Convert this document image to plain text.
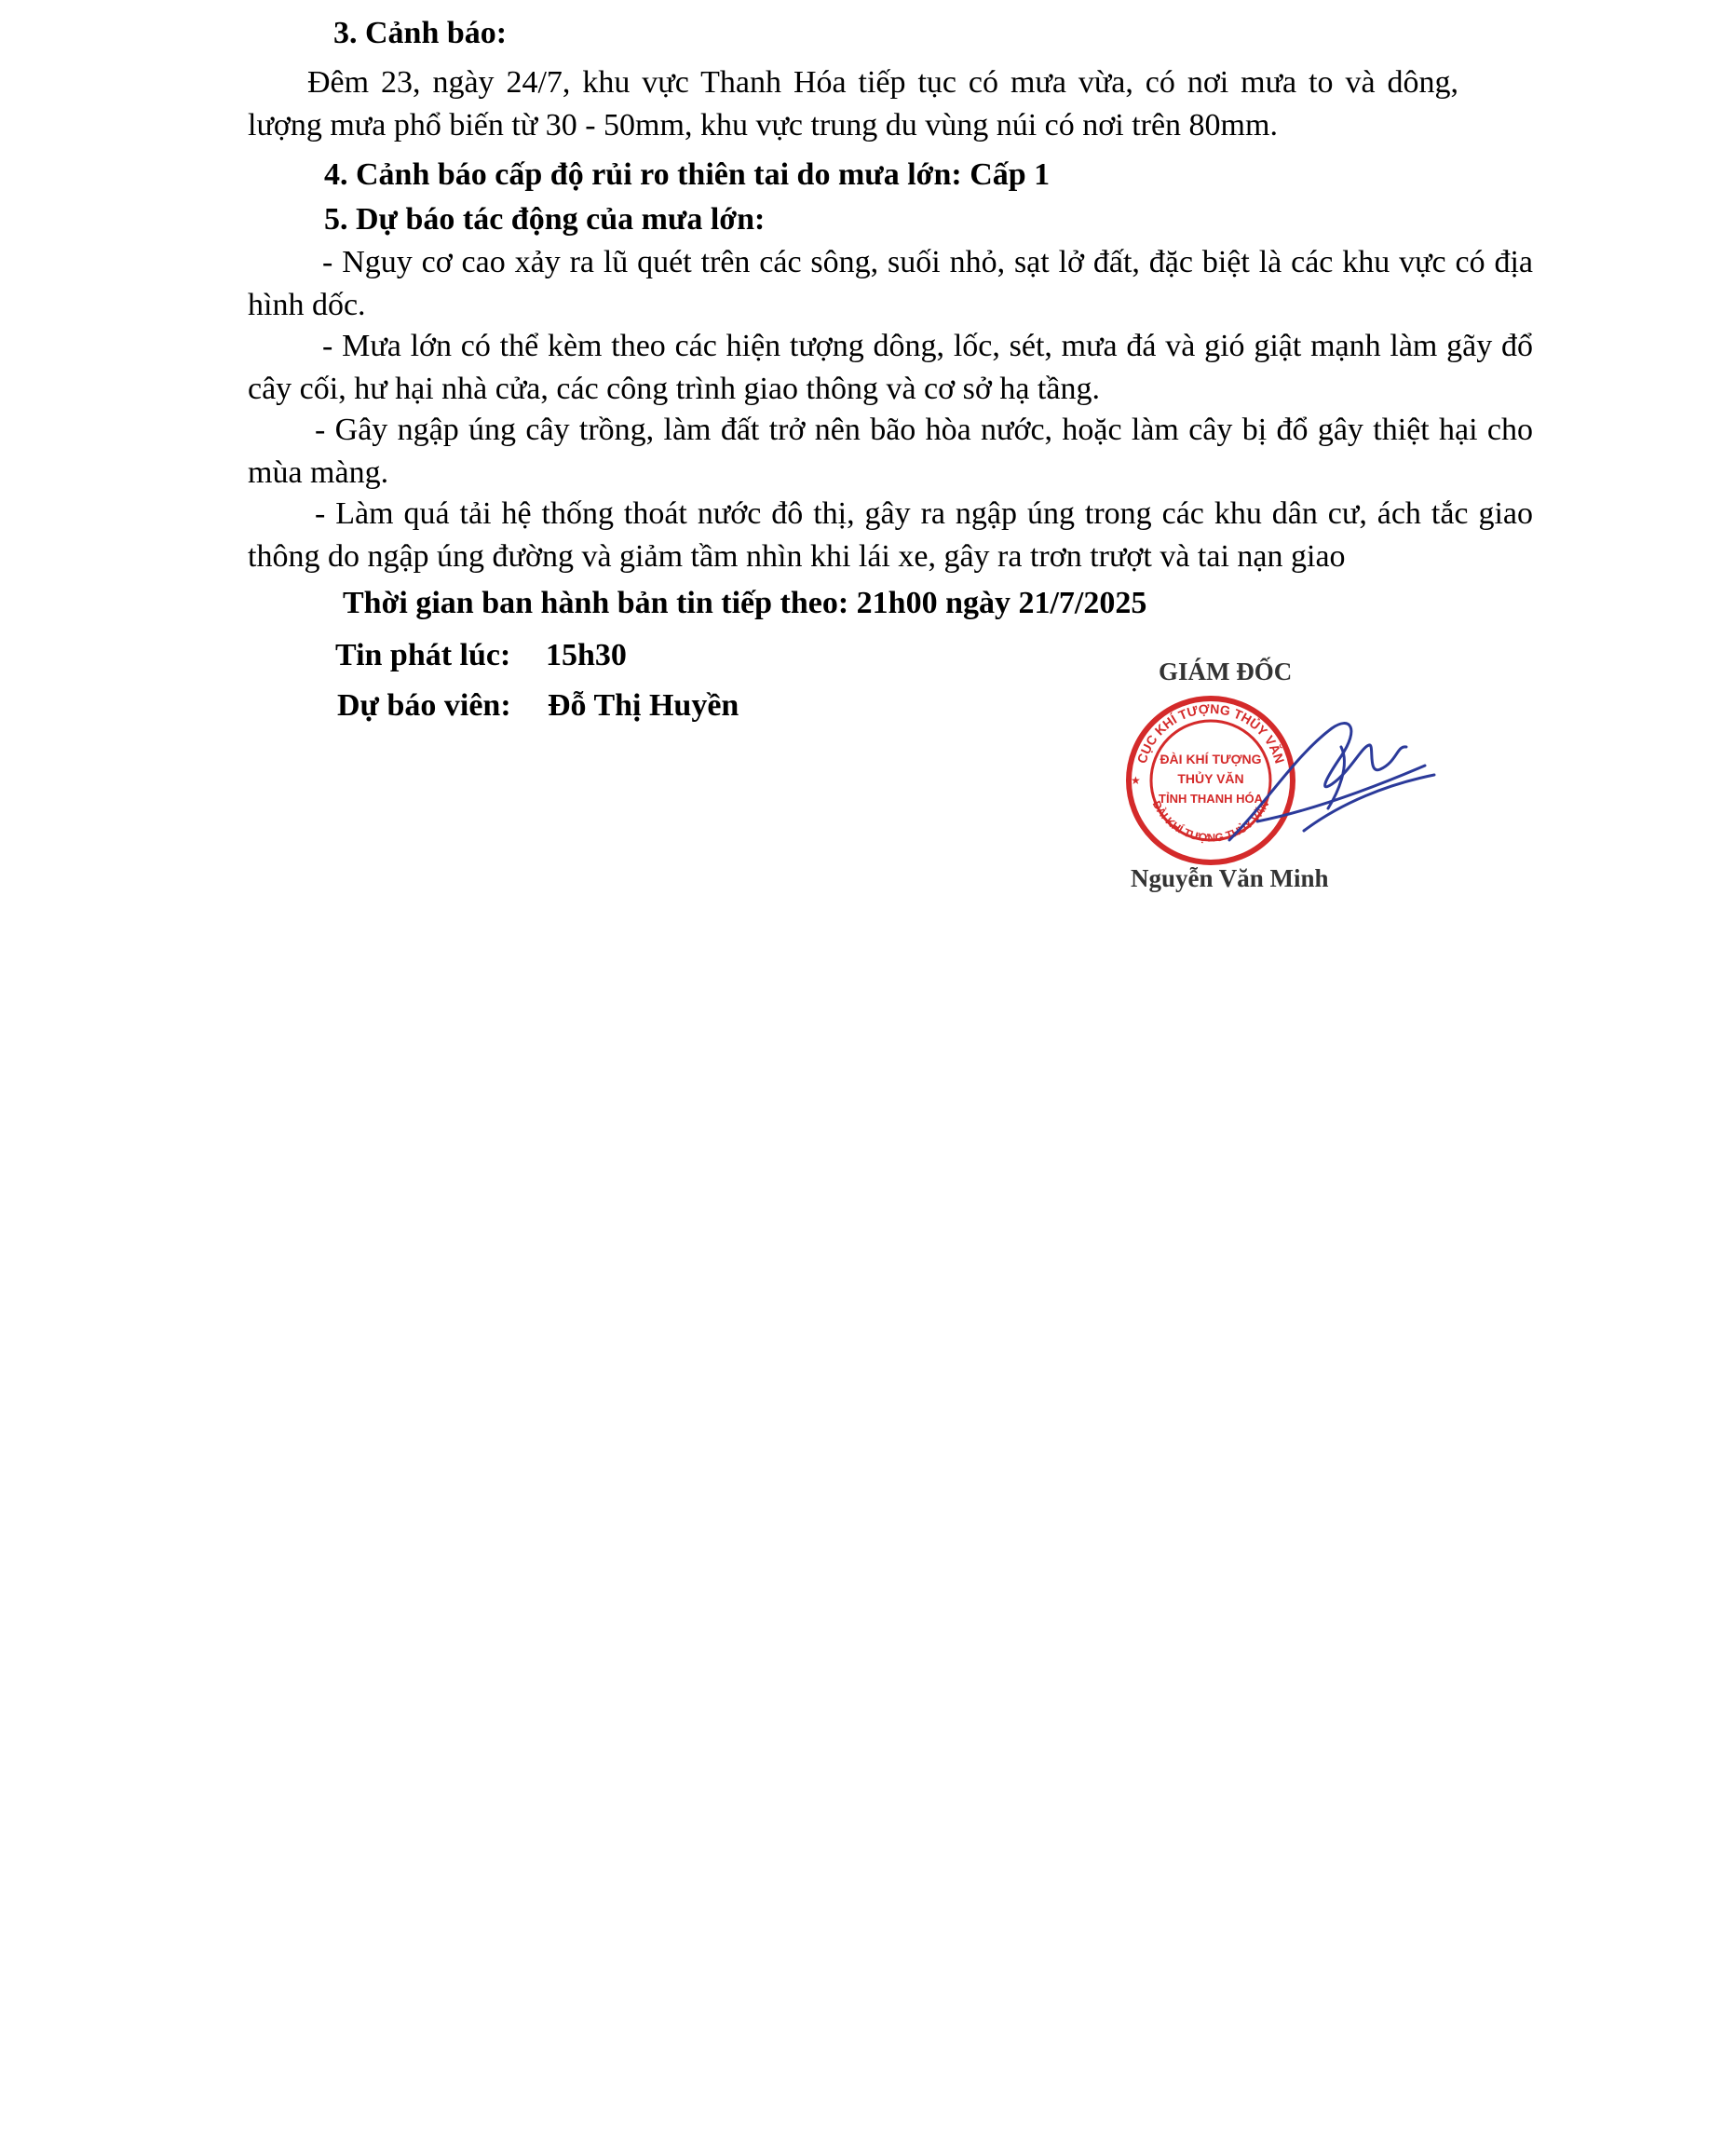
3. Cảnh báo:
Đêm 23, ngày 24/7, khu vực Thanh Hóa tiếp tục có mưa vừa, có nơi mưa to và dông, lượng mưa phổ biến từ 30 - 50mm, khu vực trung du vùng núi có nơi trên 80mm.
4. Cảnh báo cấp độ rủi ro thiên tai do mưa lớn: Cấp 1
5. Dự báo tác động của mưa lớn:
- Nguy cơ cao xảy ra lũ quét trên các sông, suối nhỏ, sạt lở đất, đặc biệt là các khu vực có địa hình dốc.
- Mưa lớn có thể kèm theo các hiện tượng dông, lốc, sét, mưa đá và gió giật mạnh làm gãy đổ cây cối, hư hại nhà cửa, các công trình giao thông và cơ sở hạ tầng.
- Gây ngập úng cây trồng, làm đất trở nên bão hòa nước, hoặc làm cây bị đổ gây thiệt hại cho mùa màng.
- Làm quá tải hệ thống thoát nước đô thị, gây ra ngập úng trong các khu dân cư, ách tắc giao thông do ngập úng đường và giảm tầm nhìn khi lái xe, gây ra trơn trượt và tai nạn giao
Thời gian ban hành bản tin tiếp theo: 21h00 ngày 21/7/2025
Tin phát lúc: 15h30
Dự báo viên: Đỗ Thị Huyền
GIÁM ĐỐC
CỤC KHÍ TƯỢNG THỦY VĂN
ĐÀI KHÍ TƯỢNG THỦY VĂN
ĐÀI KHÍ TƯỢNG
THỦY VĂN
TỈNH THANH HÓA
★
Nguyễn Văn Minh
